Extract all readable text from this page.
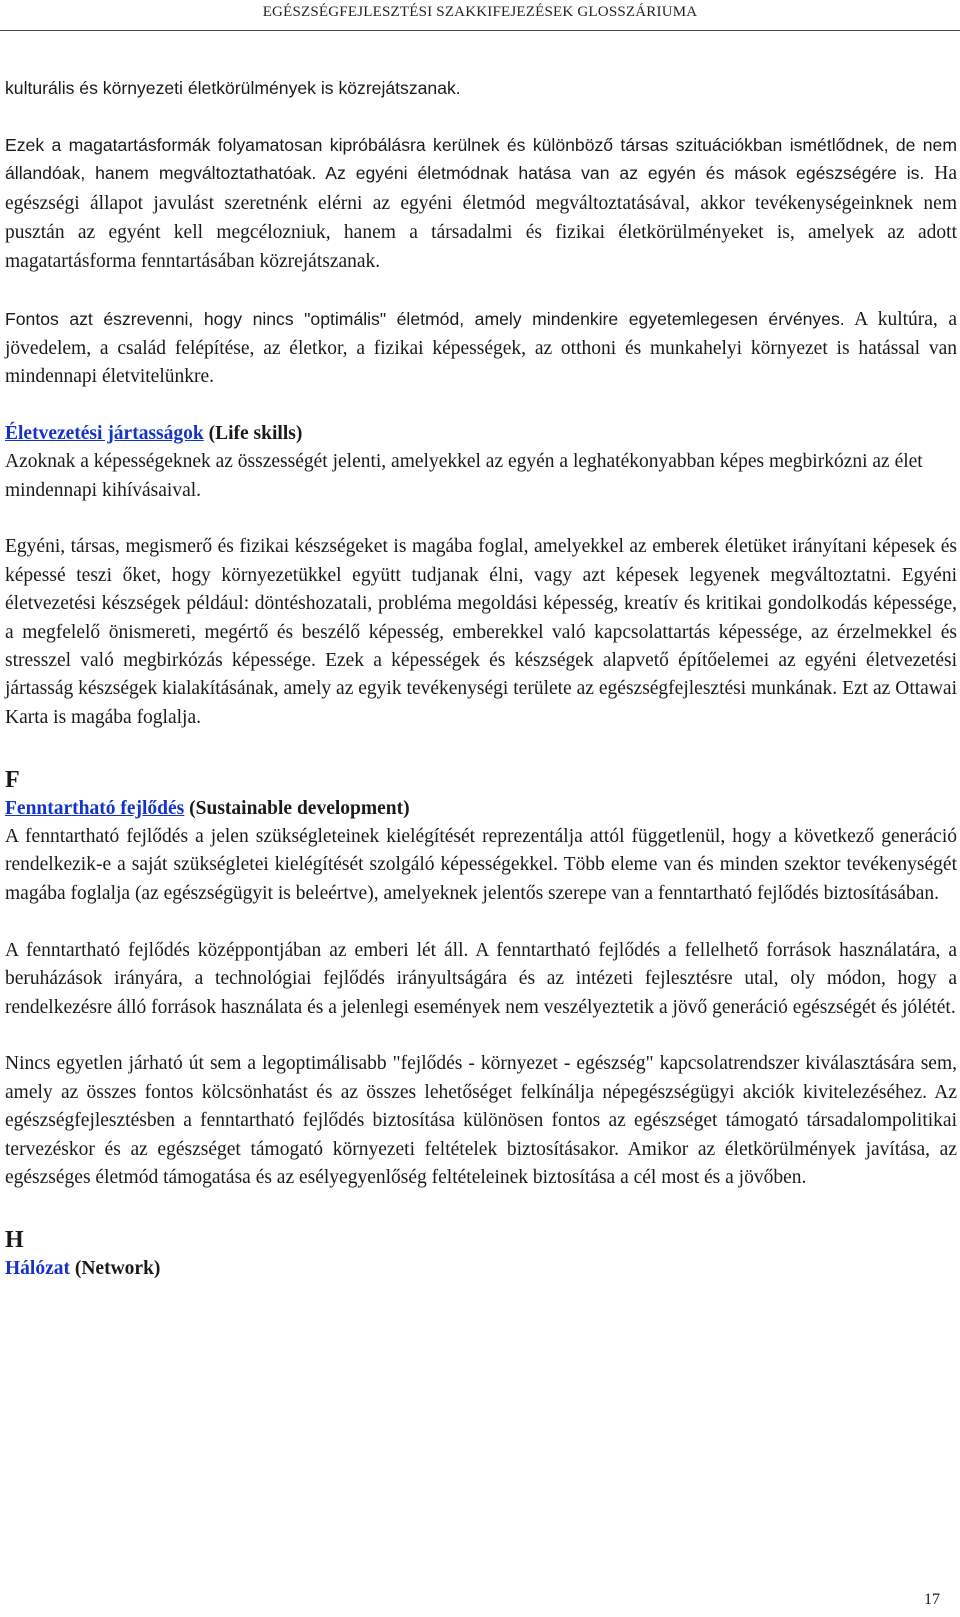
EGÉSZSÉGFEJLESZTÉSI SZAKKIFEJEZÉSEK GLOSSZÁRIUMA

kulturális és környezeti életkörülmények is közrejátszanak.

Ezek a magatartásformák folyamatosan kipróbálásra kerülnek és különböző társas szituációkban ismétlődnek, de nem állandóak, hanem megváltoztathatóak. Az egyéni életmódnak hatása van az egyén és mások egészségére is. Ha egészségi állapot javulást szeretnénk elérni az egyéni életmód megváltoztatásával, akkor tevékenységeinknek nem pusztán az egyént kell megcélozniuk, hanem a társadalmi és fizikai életkörülményeket is, amelyek az adott magatartásforma fenntartásában közrejátszanak.

Fontos azt észrevenni, hogy nincs "optimális" életmód, amely mindenkire egyetemlegesen érvényes. A kultúra, a jövedelem, a család felépítése, az életkor, a fizikai képességek, az otthoni és munkahelyi környezet is hatással van mindennapi életvitelünkre.

Életvezetési jártasságok (Life skills)

Azoknak a képességeknek az összességét jelenti, amelyekkel az egyén a leghatékonyabban képes megbirkózni az élet mindennapi kihívásaival.

Egyéni, társas, megismerő és fizikai készségeket is magába foglal, amelyekkel az emberek életüket irányítani képesek és képessé teszi őket, hogy környezetükkel együtt tudjanak élni, vagy azt képesek legyenek megváltoztatni. Egyéni életvezetési készségek például: döntéshozatali, probléma megoldási képesség, kreatív és kritikai gondolkodás képessége, a megfelelő önismereti, megértő és beszélő képesség, emberekkel való kapcsolattartás képessége, az érzelmekkel és stresszel való megbirkózás képessége. Ezek a képességek és készségek alapvető építőelemei az egyéni életvezetési jártasság készségek kialakításának, amely az egyik tevékenységi területe az egészségfejlesztési munkának. Ezt az Ottawai Karta is magába foglalja.

F

Fenntartható fejlődés (Sustainable development)

A fenntartható fejlődés a jelen szükségleteinek kielégítését reprezentálja attól függetlenül, hogy a következő generáció rendelkezik-e a saját szükségletei kielégítését szolgáló képességekkel. Több eleme van és minden szektor tevékenységét magába foglalja (az egészségügyit is beleértve), amelyeknek jelentős szerepe van a fenntartható fejlődés biztosításában.

A fenntartható fejlődés középpontjában az emberi lét áll. A fenntartható fejlődés a fellelhető források használatára, a beruházások irányára, a technológiai fejlődés irányultságára és az intézeti fejlesztésre utal, oly módon, hogy a rendelkezésre álló források használata és a jelenlegi események nem veszélyeztetik a jövő generáció egészségét és jólétét.

Nincs egyetlen járható út sem a legoptimálisabb "fejlődés - környezet - egészség" kapcsolatrendszer kiválasztására sem, amely az összes fontos kölcsönhatást és az összes lehetőséget felkínálja népegészségügyi akciók kivitelezéséhez. Az egészségfejlesztésben a fenntartható fejlődés biztosítása különösen fontos az egészséget támogató társadalompolitikai tervezéskor és az egészséget támogató környezeti feltételek biztosításakor. Amikor az életkörülmények javítása, az egészséges életmód támogatása és az esélyegyenlőség feltételeinek biztosítása a cél most és a jövőben.

H

Hálózat (Network)

17
